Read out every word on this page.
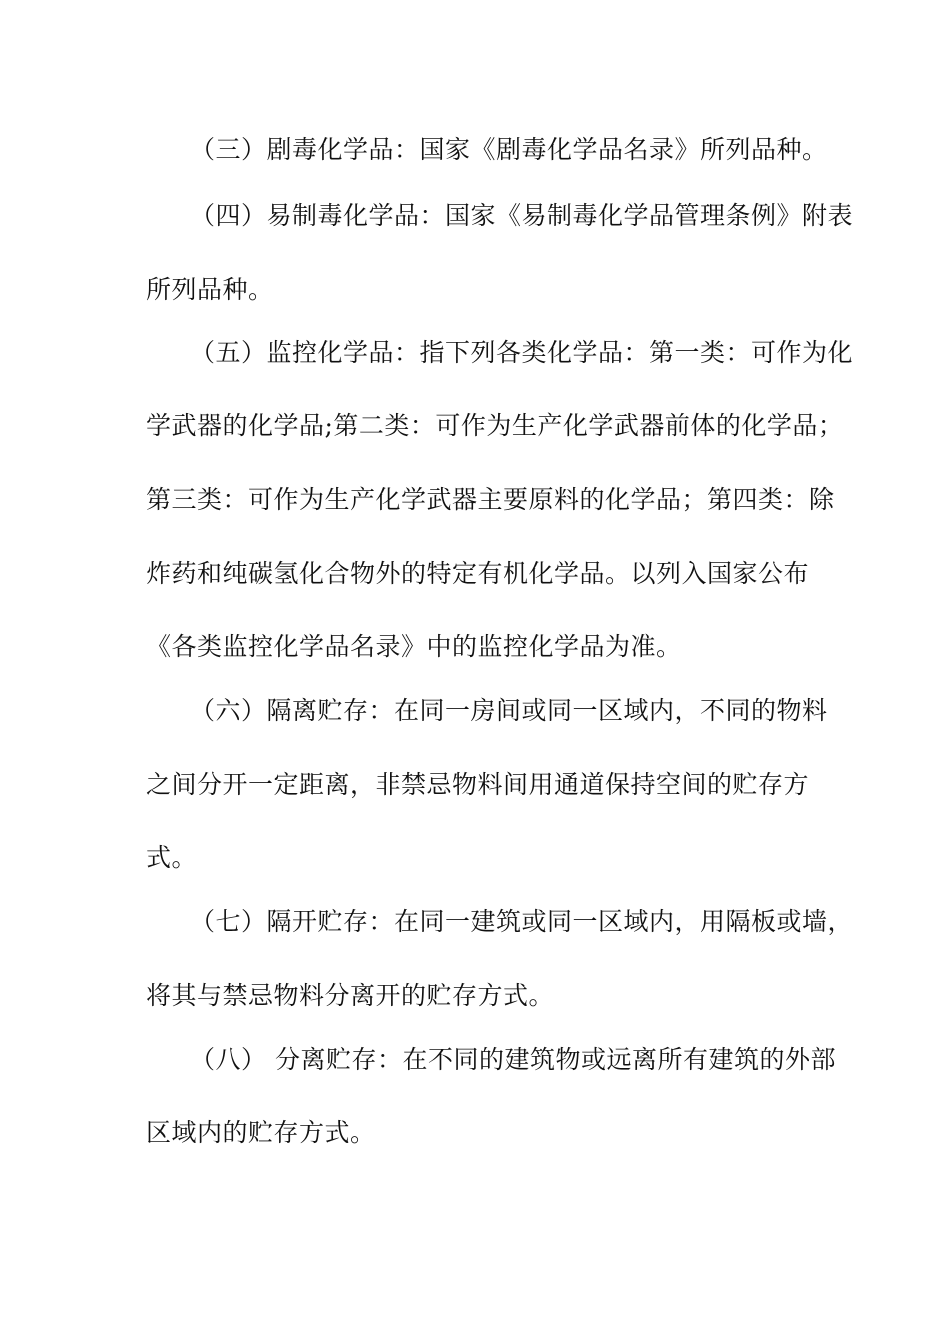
（三）剧毒化学品：国家《剧毒化学品名录》所列品种。
（四）易制毒化学品：国家《易制毒化学品管理条例》附表
所列品种。
（五）监控化学品：指下列各类化学品：第一类：可作为化
学武器的化学品;第二类：可作为生产化学武器前体的化学品；
第三类：可作为生产化学武器主要原料的化学品；第四类：除
炸药和纯碳氢化合物外的特定有机化学品。以列入国家公布
《各类监控化学品名录》中的监控化学品为准。
（六）隔离贮存：在同一房间或同一区域内，不同的物料
之间分开一定距离，非禁忌物料间用通道保持空间的贮存方
式。
（七）隔开贮存：在同一建筑或同一区域内，用隔板或墙，
将其与禁忌物料分离开的贮存方式。
（八） 分离贮存：在不同的建筑物或远离所有建筑的外部
区域内的贮存方式。
